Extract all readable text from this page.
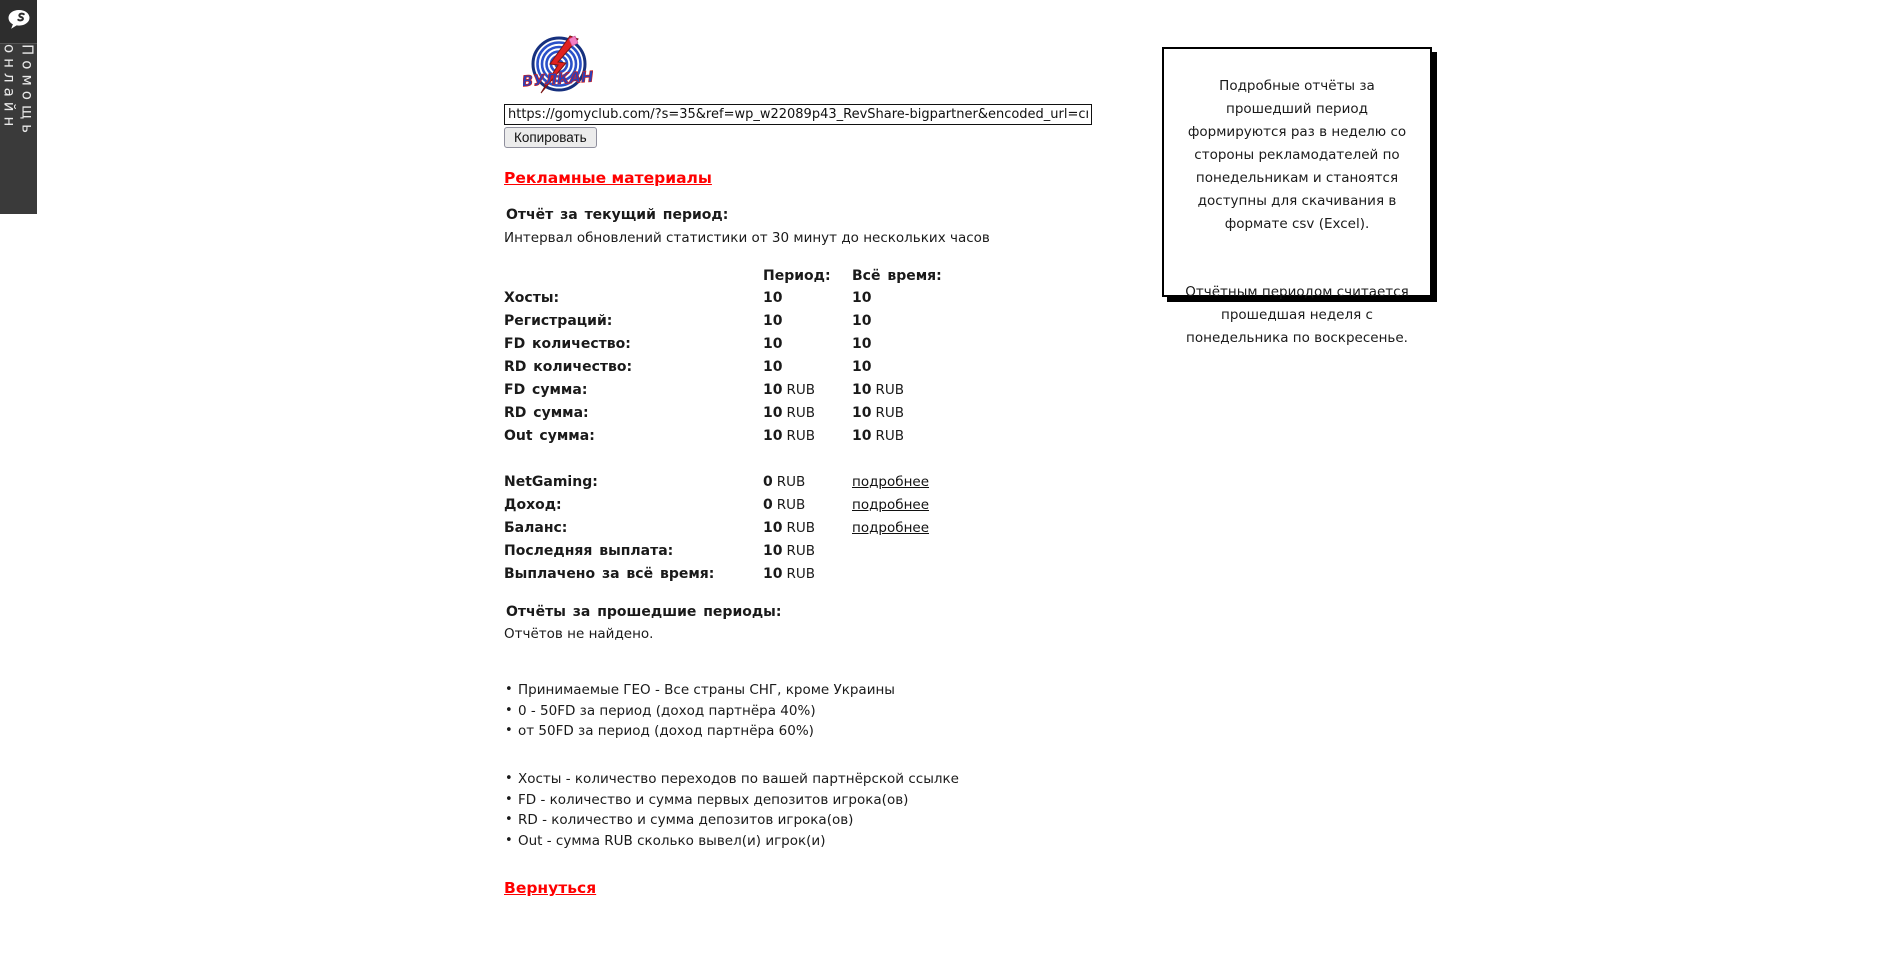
Помощь онлайн	ВУЛКАН
https://gomyclub.com/?s=35&ref=wp_w22089p43_RevShare-bigpartner&encoded_url=cmVnaXN0
Копировать
Рекламные материалы
Отчёт за текущий период:
Интервал обновлений статистики от 30 минут до нескольких часов
Период:	Всё время:
Хосты:	10	10
Регистраций:	10	10
FD количество:	10	10
RD количество:	10	10
FD сумма:	10 RUB	10 RUB
RD сумма:	10 RUB	10 RUB
Out сумма:	10 RUB	10 RUB
NetGaming:	0 RUB	подробнее
Доход:	0 RUB	подробнее
Баланс:	10 RUB	подробнее
Последняя выплата:	10 RUB
Выплачено за всё время:	10 RUB
Отчёты за прошедшие периоды:
Отчётов не найдено.
• Принимаемые ГЕО - Все страны СНГ, кроме Украины
• 0 - 50FD за период (доход партнёра 40%)
• от 50FD за период (доход партнёра 60%)
• Хосты - количество переходов по вашей партнёрской ссылке
• FD - количество и сумма первых депозитов игрока(ов)
• RD - количество и сумма депозитов игрока(ов)
• Out - сумма RUB сколько вывел(и) игрок(и)
Вернуться
Подробные отчёты за прошедший период формируются раз в неделю со стороны рекламодателей по понедельникам и станоятся доступны для скачивания в формате csv (Excel).
Отчётным периодом считается прошедшая неделя с понедельника по воскресенье.
